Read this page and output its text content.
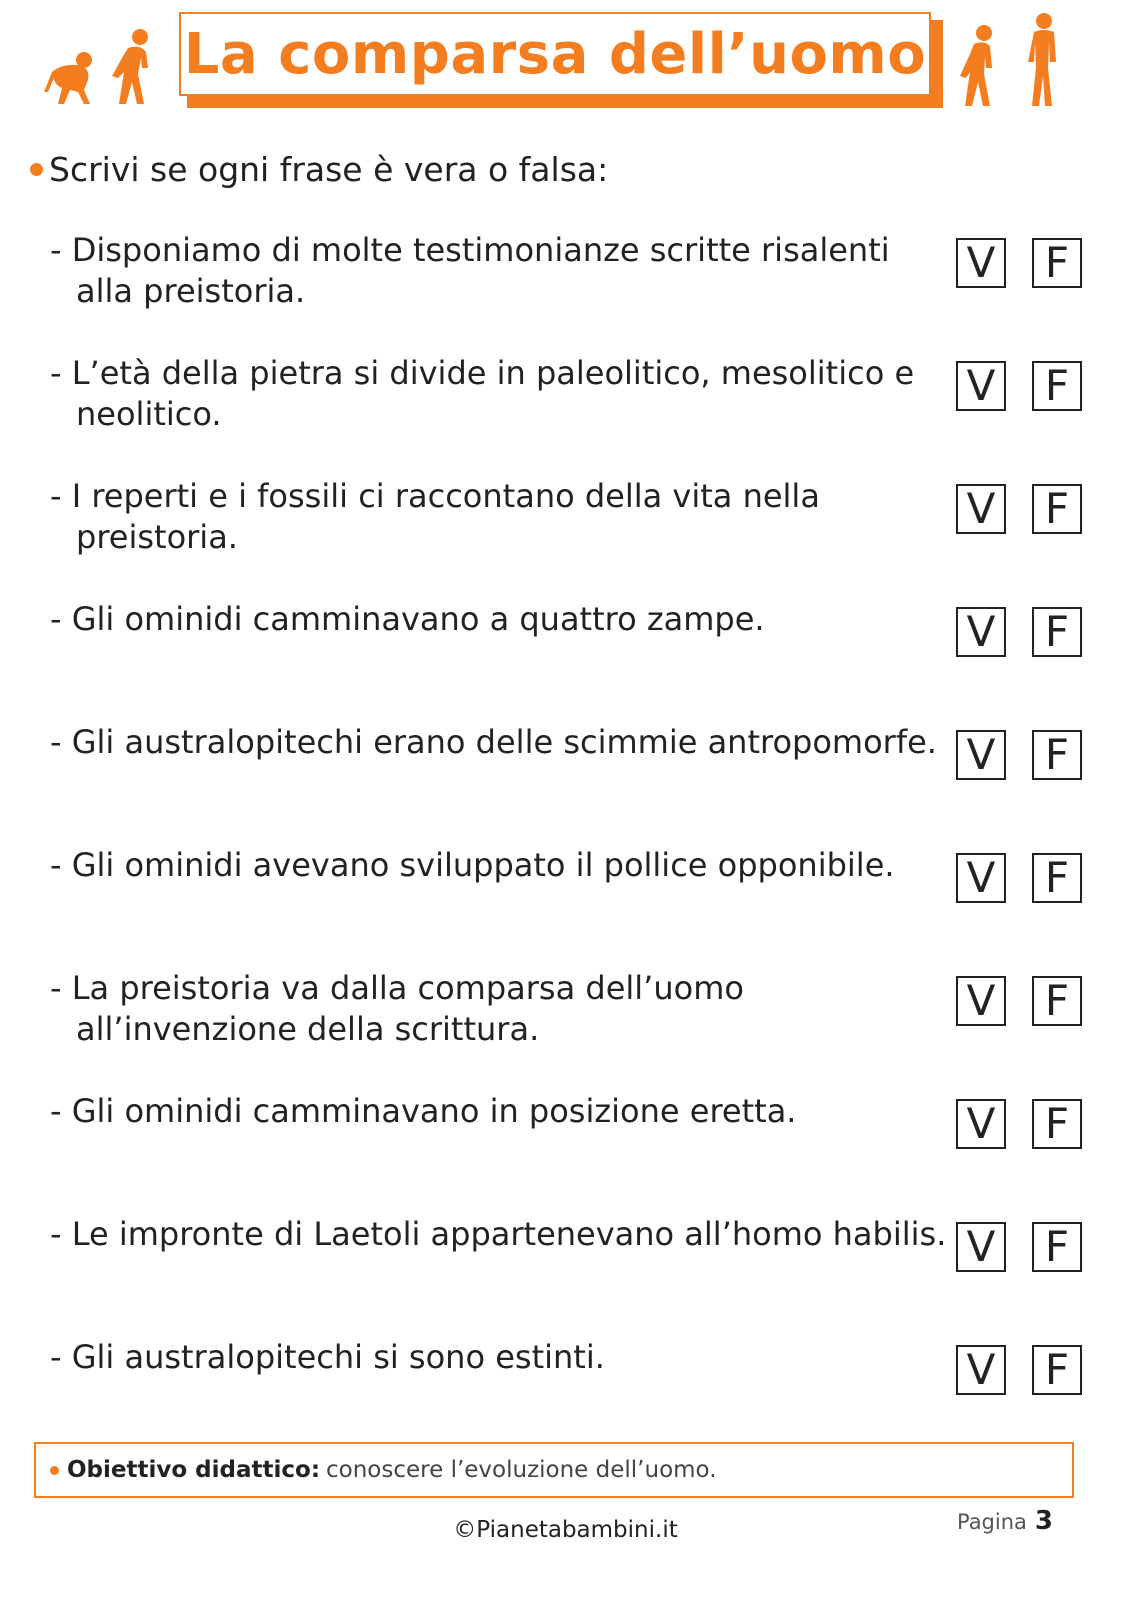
La comparsa dell’uomo
Scrivi se ogni frase è vera o falsa:
- Disponiamo di molte testimonianze scritte risalenti alla preistoria.
V	F
- L’età della pietra si divide in paleolitico, mesolitico e neolitico.
V	F
- I reperti e i fossili ci raccontano della vita nella preistoria.
V	F
- Gli ominidi camminavano a quattro zampe.	V	F
- Gli australopitechi erano delle scimmie antropomorfe. V	F
- Gli ominidi avevano sviluppato il pollice opponibile.	V	F
- La preistoria va dalla comparsa dell’uomo all’invenzione della scrittura.
V	F
- Gli ominidi camminavano in posizione eretta.	V	F
- Le impronte di Laetoli appartenevano all’homo habilis. V	F
- Gli australopitechi si sono estinti.	V	F
Obiettivo didattico: conoscere l’evoluzione dell’uomo.
©Pianetabambini.it	Pagina 3
